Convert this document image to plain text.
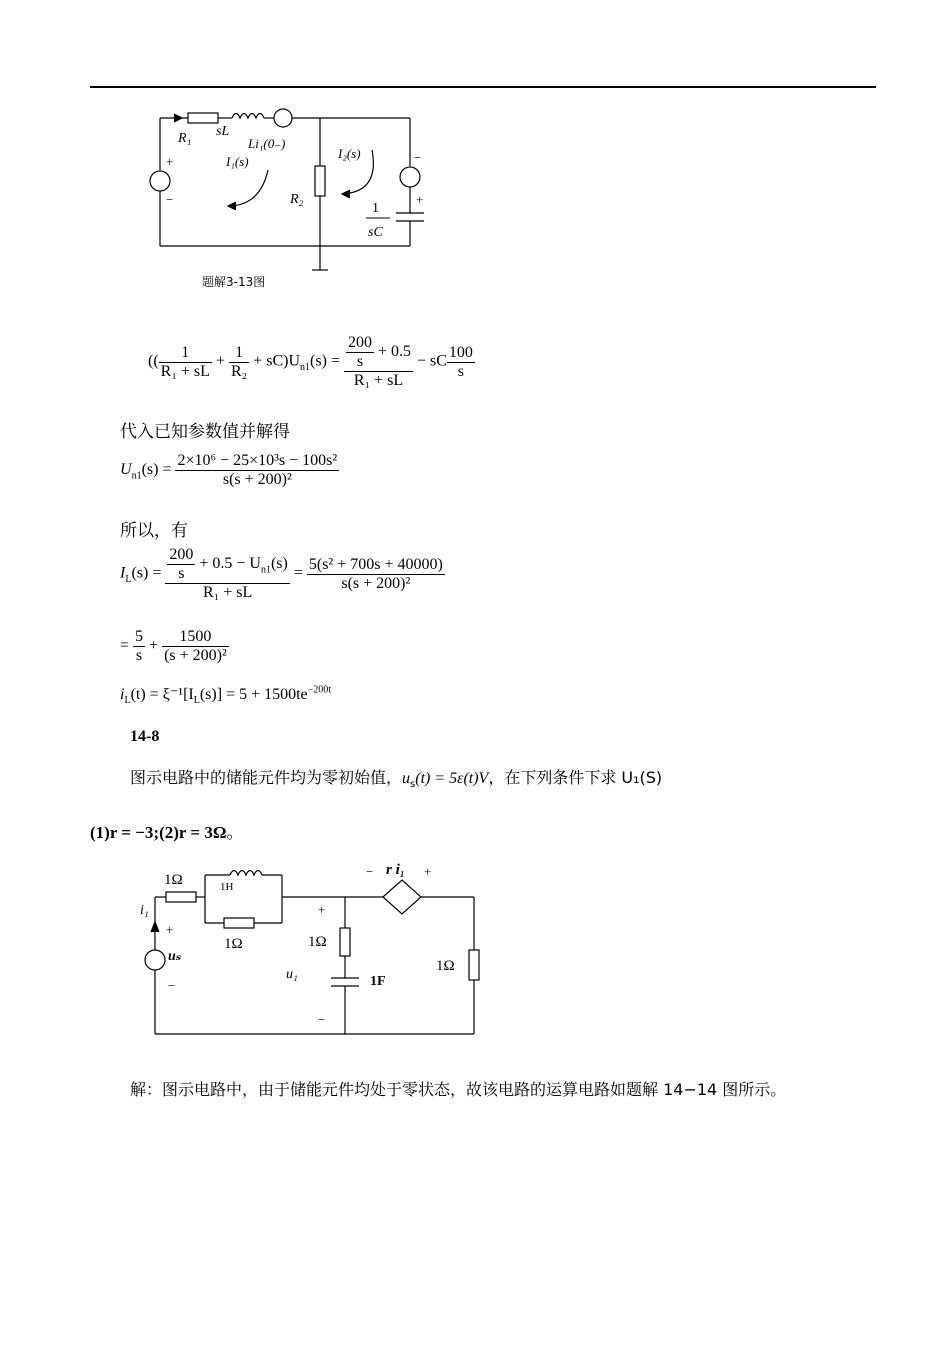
R₁ sL
Li₁(0₋)
I₁(s)
I₂(s)
R₂
1
sC
+
−
−
+
题解3-13图
(( $\frac{1}{\text{R₁ + sL}} + \frac{1}{\text{R₂}} + sC)U_{n1}(s) = \frac{\frac{200}{s} + 0.5}{\text{R₁ + sL}}$ − sC $\frac{100}{s}$
代入已知参数值并解得
$U_{n1}(s) = \frac{\text{2×10⁶ − 25×10³s − 100s²}}{\text{s(s + 200)²}}$
所以，有
$I_L(s) = \frac{\frac{200}{s} + 0.5 - U_{n1}(s)}{\text{R₁ + sL}} = \frac{\text{5(s² + 700s + 40000)}}{\text{s(s + 200)²}}$
= $\frac{5}{s} + \frac{1500}{\text{(s + 200)²}}$
$i_L(t) = \xi^{-1}[I_L(s)] = 5 + 1500te^{-200t}$
14-8
图示电路中的储能元件均为零初始值，$u_s(t) = 5\varepsilon(t)V$，在下列条件下求 U₁(S)
(1)r = −3;(2)r = 3Ω。
1Ω	1H
1Ω	1Ω
1Ω
i₁
uₛ
u₁	1F
r i₁
−	+
+
−
+
−
解：图示电路中，由于储能元件均处于零状态，故该电路的运算电路如题解 14−14 图所示。
